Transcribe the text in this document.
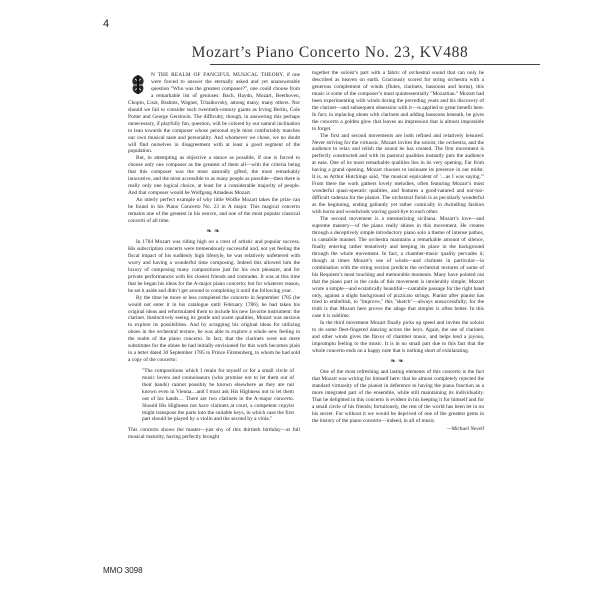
4
Mozart’s Piano Concerto No. 23, KV488

N THE REALM OF FANCIFUL MUSICAL THEORY, if one were forced to answer the eternally asked and yet unanswerable question "Who was the greatest composer?", one could choose from a remarkable list of geniuses: Bach, Haydn, Mozart, Beethoven, Chopin, Liszt, Brahms, Wagner, Tchaikovsky, among many, many others. Nor should we fail to consider such twentieth-century giants as Irving Berlin, Cole Porter and George Gershwin. The difficulty, though, in answering this perhaps unnecessary, if playfully fun, question, will be colored by our natural inclination to lean towards the composer whose personal style most comfortably matches our own musical taste and personality. And whomever we chose, we no doubt will find ourselves in disagreement with at least a good segment of the population.

But, in attempting as objective a stance as possible, if one is forced to choose only one composer as the greatest of them all—with the criteria being that this composer was the most naturally gifted, the most remarkably innovative, and the most accessible to as many people as possible—then there is really only one logical choice, at least for a considerable majority of people. And that composer would be Wolfgang Amadeus Mozart.

An utterly perfect example of why little Wolfie Mozart takes the prize can be found in his Piano Concerto No. 23 in A major. This magical concerto remains one of the greatest in his oeuvre, and one of the most popular classical concerti of all time.

❧❧

In 1784 Mozart was riding high on a crest of artistic and popular success. His subscription concerts were tremendously successful and, not yet feeling the fiscal impact of his suddenly high lifestyle, he was relatively unfettered with worry and having a wonderful time composing. Indeed this allowed him the luxury of composing many compositions just for his own pleasure, and for private performances with his closest friends and comrades. It was at this time that he began his ideas for the A-major piano concerto; but for whatever reason, he set it aside and didn’t get around to completing it until the following year.

By the time he more or less completed the concerto in September 1785 (he would not enter it in his catalogue until February 1786), he had taken his original ideas and reformulated them to include his new favorite instrument: the clarinet. Instinctively seeing its gentle and warm qualities, Mozart was anxious to explore its possibilities. And by scrapping his original ideas for utilizing oboes in the orchestral texture, he was able to explore a whole new feeling in the realm of the piano concerto. In fact, that the clarinets were not mere substitutes for the oboes he had initially envisioned for this work becomes plain in a letter dated 30 September 1785 to Prince Fürstenberg, to whom he had sold a copy of the concerto:

"The compositions which I retain for myself or for a small circle of music lovers and connoisseurs (who promise not to let them out of their hands) cannot possibly be known elsewhere as they are not known even in Vienna…and I must ask His Highness not to let them out of his hands… There are two clarinets in the A-major concerto. Should His Highness not have clarinets at court, a competent copyist might transpose the parts into the suitable keys, in which case the first part should be played by a violin and the second by a viola."

This concerto shows the master—just shy of this thirtieth birthday—at full musical maturity, having perfectly brought

together the soloist’s part with a fabric of orchestral sound that can only be described as heaven on earth. Graciously scored for string orchestra with a generous complement of winds (flutes, clarinets, bassoons and horns), this music is some of the composer’s most quintessentially "Mozartian." Mozart had been experimenting with winds during the preceding years and his discovery of the clarinet—and subsequent obsession with it—is applied to great benefit here. In fact, in replacing oboes with clarinets and adding bassoons beneath, he gives the concerto a golden glow that leaves an impression that is almost impossible to forget.

The first and second movements are both refined and relatively leisured. Never striving for the virtuosic, Mozart invites the soloist, the orchestra, and the audience to relax and relish the sound he has created. The first movement is perfectly constructed and with its pastoral qualities instantly puts the audience at ease. One of its most remarkable qualities lies in its very opening. Far from having a grand opening, Mozart chooses to insinuate its presence in our midst. It is, as Arthur Hutchings said, "the musical equivalent of '…as I was saying.'" From there the work gathers lovely melodies, often featuring Mozart’s most wonderful quasi-operatic qualities, and features a good-natured and not-too-difficult cadenza for the pianist. The orchestral finish is as peculiarly wonderful as the beginning, ending gallantly yet rather comically in dwindling fashion with horns and woodwinds waving good-bye to each other.

The second movement is a mesmerizing siciliana. Mozart’s love—and supreme mastery—of the piano really shines in this movement. He creates through a deceptively simple introductory piano solo a theme of intense pathos, in cantabile manner. The orchestra maintains a remarkable amount of silence, finally entering rather tentatively and keeping its place in the background through the whole movement. In fact, a chamber-music quality pervades it; though at times Mozart’s use of winds—and clarinets in particular—in combination with the string section predicts the orchestral textures of some of his Requiem’s most touching and memorable moments. Many have pointed out that the piano part in the coda of this movement is intolerably simple; Mozart wrote a simple—and ecstatically beautiful—cantabile passage for the right hand only, against a slight background of pizzicato strings. Pianist after pianist has tried to embellish, to "improve," this "sketch"—always unsuccessfully; for the truth is that Mozart here proves the adage that simpler is often better. In this case it is sublime.

In the third movement Mozart finally picks up speed and invites the soloist to do some fleet-fingered dancing across the keys. Again, the use of clarinets and other winds gives the flavor of chamber music, and helps lend a joyous, impromptu feeling to the music. It is in no small part due to this fact that the whole concerto ends on a happy note that is nothing short of exhilarating.

❧❧

One of the most refreshing and lasting elements of this concerto is the fact that Mozart was writing for himself here: that he almost completely rejected the standard virtuosity of the pianist in deference to having the piano function as a more integrated part of the ensemble, while still maintaining its individuality. That he delighted in this concerto is evident in his keeping it for himself and for a small circle of his friends; fortuitously, the rest of the world has been let in on his secret. For without it we would be deprived of one of the greatest gems in the history of the piano concerto—indeed, in all of music.

—Michael Nevell
MMO 3098
